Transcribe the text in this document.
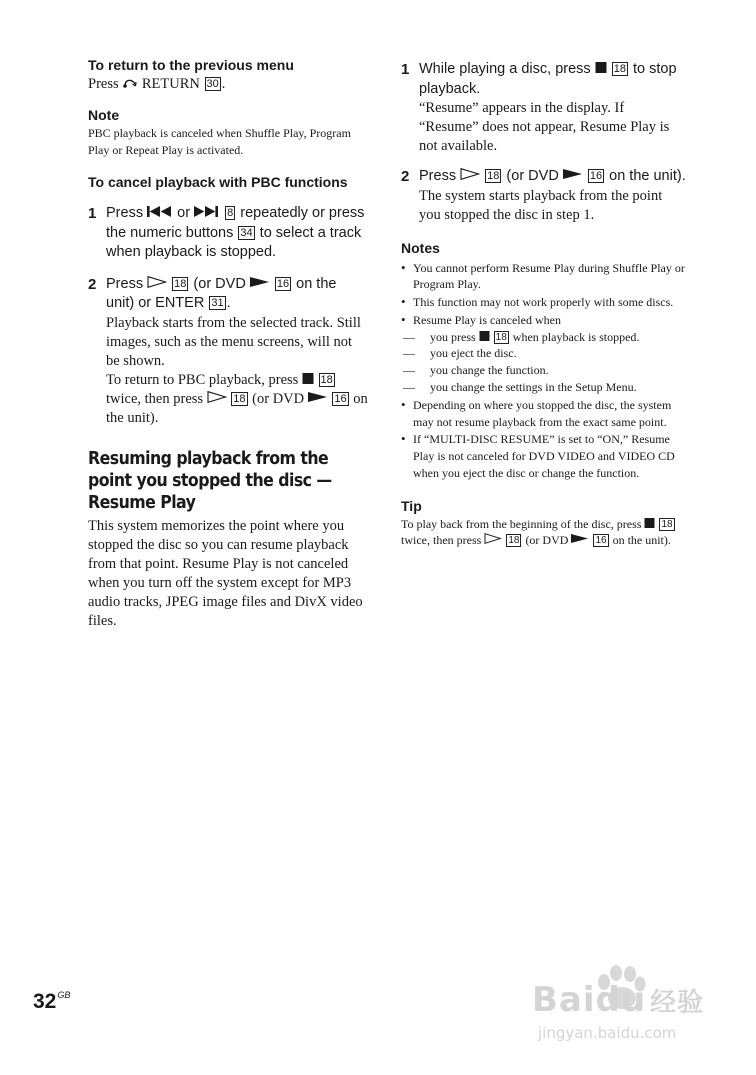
To return to the previous menu

Press RETURN 30 .

Note

PBC playback is canceled when Shuffle Play, Program Play or Repeat Play is activated.

To cancel playback with PBC functions

1 Press or	8 repeatedly or press the numeric buttons 34 to select a track when playback is stopped.

2 Press	18 (or DVD	16 on the unit) or ENTER 31 .

Playback starts from the selected track. Still images, such as the menu screens, will not be shown.

To return to PBC playback, press 18 twice, then press	18 (or DVD	16 on the unit).

Resuming playback from the point you stopped the disc — Resume Play

This system memorizes the point where you stopped the disc so you can resume playback from that point. Resume Play is not canceled when you turn off the system except for MP3 audio tracks, JPEG image files and DivX video files.

1 While playing a disc, press 18 to stop playback.

“Resume” appears in the display. If “Resume” does not appear, Resume Play is not available.

2 Press	18 (or DVD	16 on the unit).

The system starts playback from the point you stopped the disc in step 1.

Notes

• You cannot perform Resume Play during Shuffle Play or Program Play.
• This function may not work properly with some discs.
• Resume Play is canceled when
— you press 18 when playback is stopped.
— you eject the disc.
— you change the function.
— you change the settings in the Setup Menu.
• Depending on where you stopped the disc, the system may not resume playback from the exact same point.
• If “MULTI-DISC RESUME” is set to “ON,” Resume Play is not canceled for DVD VIDEO and VIDEO CD when you eject the disc or change the function.

Tip

To play back from the beginning of the disc, press 18 twice, then press	18 (or DVD	16 on the unit).

$32^{GB}$	Baidu 经验
jingyan.baidu.com
